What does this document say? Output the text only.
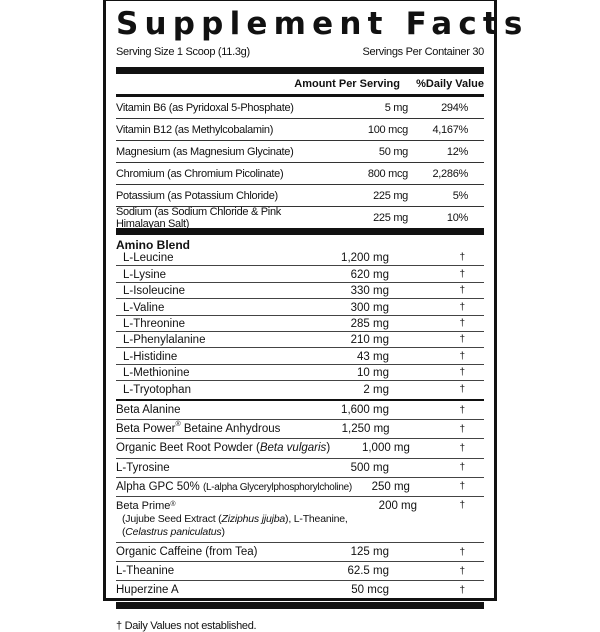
Supplement Facts
Serving Size 1 Scoop (11.3g)	Servings Per Container 30
Amount Per Serving	%Daily Value
Vitamin B6 (as Pyridoxal 5-Phosphate)	5 mg	294%
Vitamin B12 (as Methylcobalamin)	100 mcg	4,167%
Magnesium (as Magnesium Glycinate)	50 mg	12%
Chromium (as Chromium Picolinate)	800 mcg	2,286%
Potassium (as Potassium Chloride)	225 mg	5%
Sodium (as Sodium Chloride & Pink Himalayan Salt)	225 mg	10%
Amino Blend
L-Leucine	1,200 mg	†
L-Lysine	620 mg	†
L-Isoleucine	330 mg	†
L-Valine	300 mg	†
L-Threonine	285 mg	†
L-Phenylalanine	210 mg	†
L-Histidine	43 mg	†
L-Methionine	10 mg	†
L-Tryotophan	2 mg	†
Beta Alanine	1,600 mg	†
Beta Power® Betaine Anhydrous	1,250 mg	†
Organic Beet Root Powder (Beta vulgaris)	1,000 mg	†
L-Tyrosine	500 mg	†
Alpha GPC 50% (L-alpha Glycerylphosphorylcholine)	250 mg	†
Beta Prime®
(Jujube Seed Extract (Ziziphus jjujba), L-Theanine,
(Celastrus paniculatus)
200 mg	†
Organic Caffeine (from Tea)	125 mg	†
L-Theanine	62.5 mg	†
Huperzine A	50 mcg	†
† Daily Values not established.
